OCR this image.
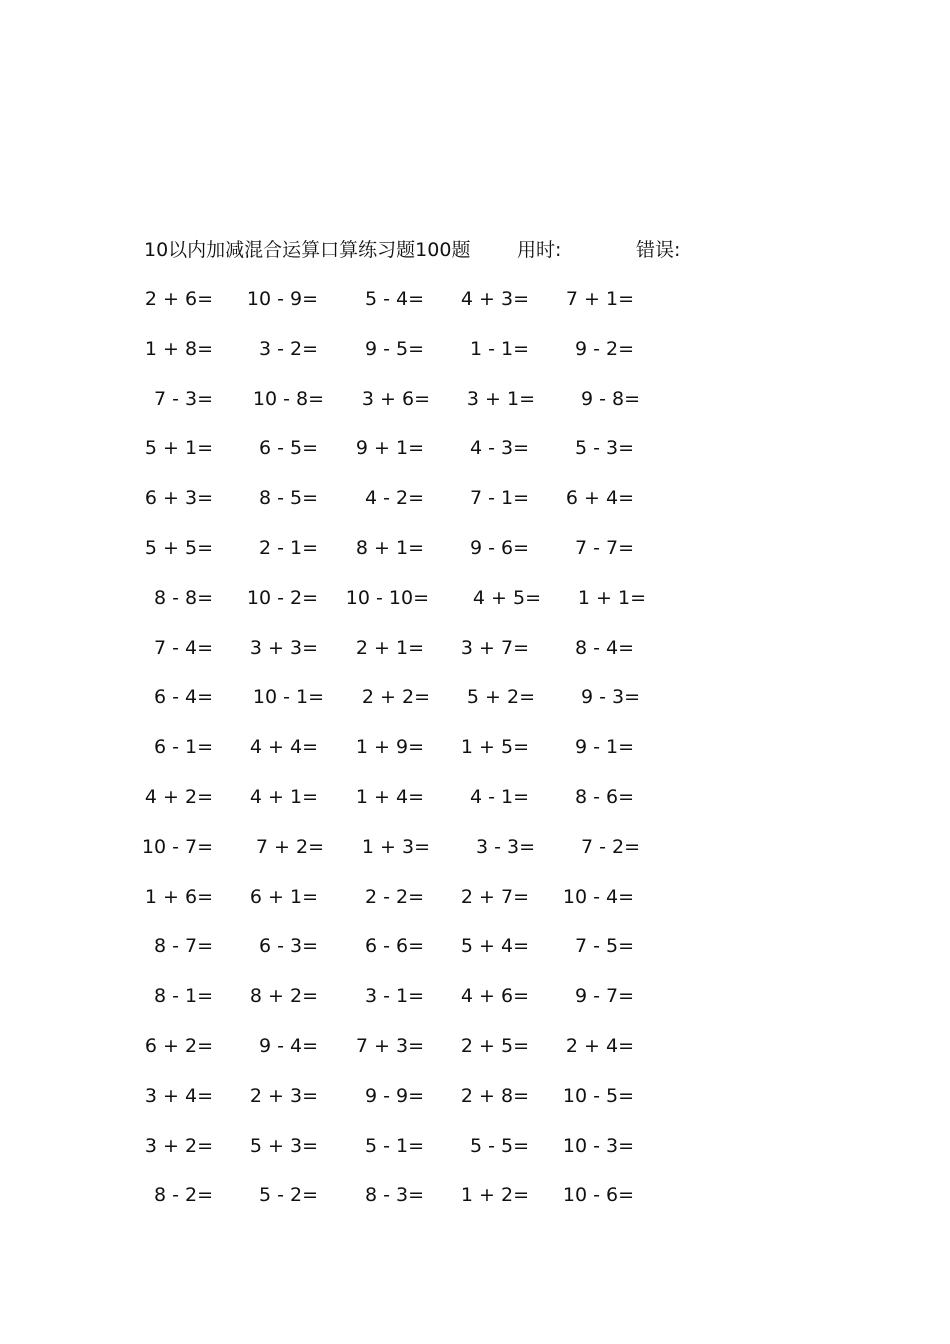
10以内加减混合运算口算练习题100题 用时:	错误:
2 + 6= 10 - 9= 5 - 4= 4 + 3= 7 + 1=
1 + 8= 3 - 2= 9 - 5= 1 - 1= 9 - 2=
7 - 3= 10 - 8= 3 + 6= 3 + 1= 9 - 8=
5 + 1= 6 - 5= 9 + 1= 4 - 3= 5 - 3=
6 + 3= 8 - 5= 4 - 2= 7 - 1= 6 + 4=
5 + 5= 2 - 1= 8 + 1= 9 - 6= 7 - 7=
8 - 8= 10 - 2= 10 - 10= 4 + 5= 1 + 1=
7 - 4= 3 + 3= 2 + 1= 3 + 7= 8 - 4=
6 - 4= 10 - 1= 2 + 2= 5 + 2= 9 - 3=
6 - 1= 4 + 4= 1 + 9= 1 + 5= 9 - 1=
4 + 2= 4 + 1= 1 + 4= 4 - 1= 8 - 6=
10 - 7= 7 + 2= 1 + 3= 3 - 3= 7 - 2=
1 + 6= 6 + 1= 2 - 2= 2 + 7= 10 - 4=
8 - 7= 6 - 3= 6 - 6= 5 + 4= 7 - 5=
8 - 1= 8 + 2= 3 - 1= 4 + 6= 9 - 7=
6 + 2= 9 - 4= 7 + 3= 2 + 5= 2 + 4=
3 + 4= 2 + 3= 9 - 9= 2 + 8= 10 - 5=
3 + 2= 5 + 3= 5 - 1= 5 - 5= 10 - 3=
8 - 2= 5 - 2= 8 - 3= 1 + 2= 10 - 6=
